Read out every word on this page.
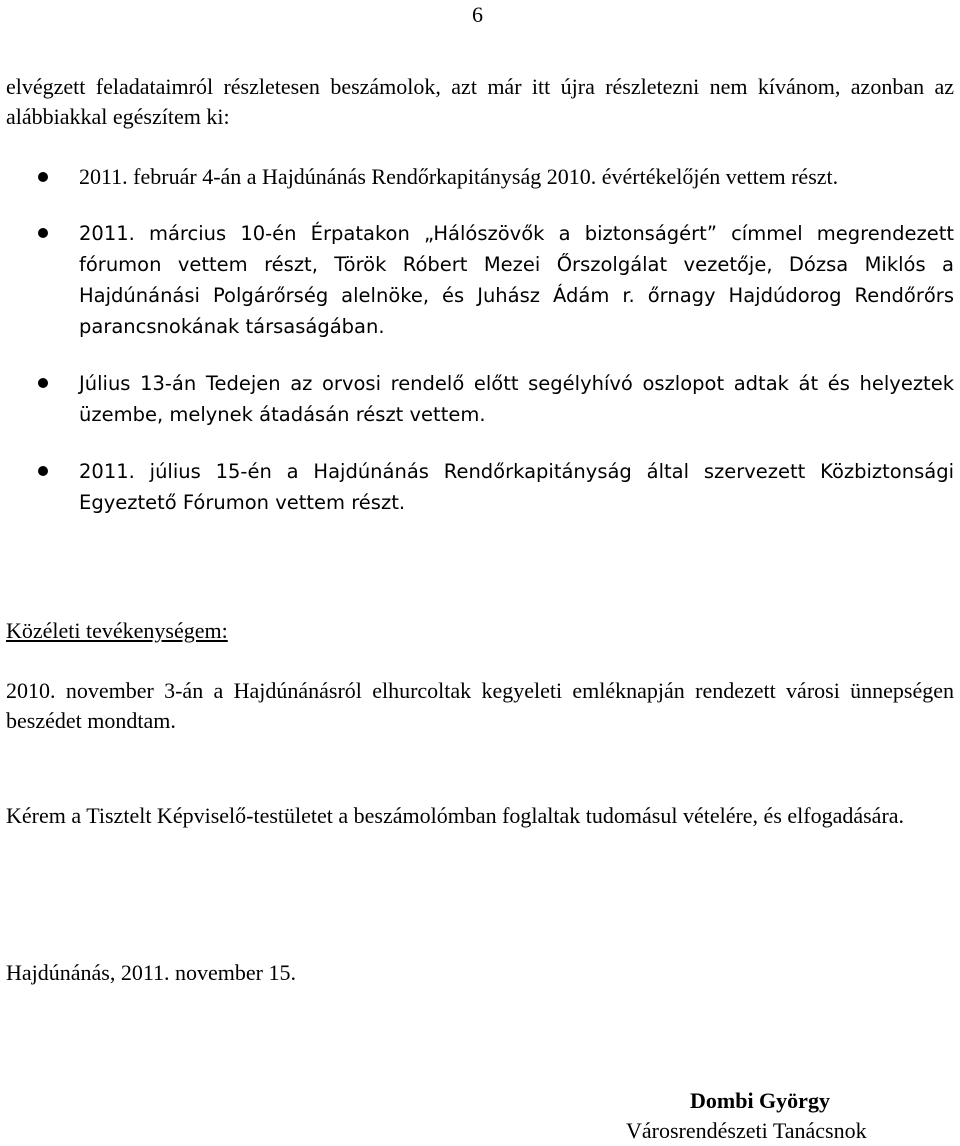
6

elvégzett feladataimról részletesen beszámolok, azt már itt újra részletezni nem kívánom, azonban az alábbiakkal egészítem ki:

2011. február 4-án a Hajdúnánás Rendőrkapitányság 2010. évértékelőjén vettem részt.
2011. március 10-én Érpatakon „Hálószövők a biztonságért” címmel megrendezett fórumon vettem részt, Török Róbert Mezei Őrszolgálat vezetője, Dózsa Miklós a Hajdúnánási Polgárőrség alelnöke, és Juhász Ádám r. őrnagy Hajdúdorog Rendőrőrs parancsnokának társaságában.
Július 13-án Tedejen az orvosi rendelő előtt segélyhívó oszlopot adtak át és helyeztek üzembe, melynek átadásán részt vettem.
2011. július 15-én a Hajdúnánás Rendőrkapitányság által szervezett Közbiztonsági Egyeztető Fórumon vettem részt.
Közéleti tevékenységem:

2010. november 3-án a Hajdúnánásról elhurcoltak kegyeleti emléknapján rendezett városi ünnepségen beszédet mondtam.

Kérem a Tisztelt Képviselő-testületet a beszámolómban foglaltak tudomásul vételére, és elfogadására.

Hajdúnánás, 2011. november 15.
Dombi György
Városrendészeti Tanácsnok
